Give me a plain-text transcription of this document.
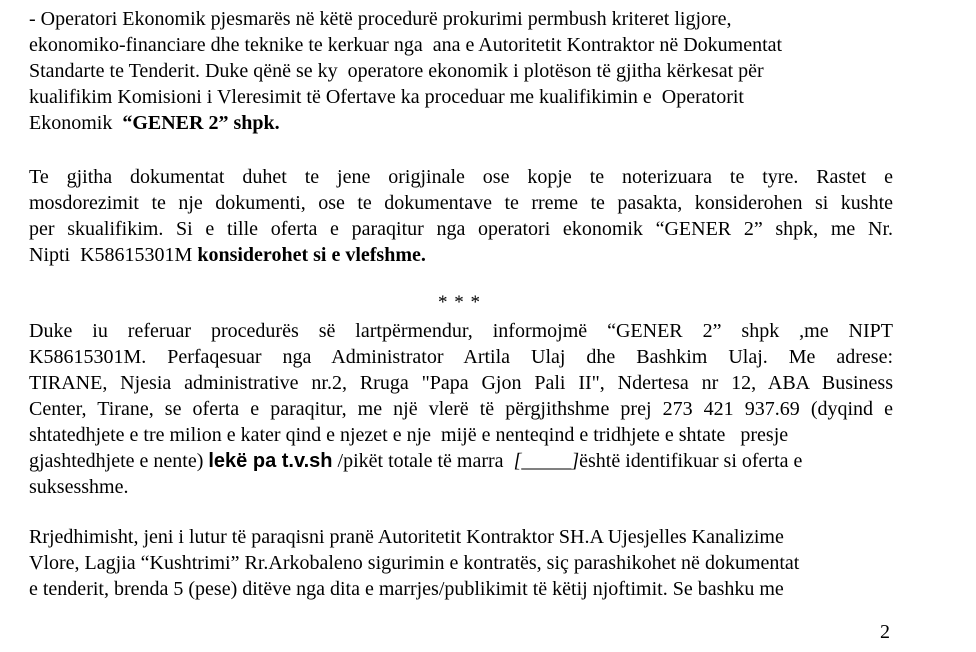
- Operatori Ekonomik pjesmarës në këtë procedurë prokurimi permbush kriteret ligjore,
ekonomiko-financiare dhe teknike te kerkuar nga  ana e Autoritetit Kontraktor në Dokumentat
Standarte te Tenderit. Duke qënë se ky  operatore ekonomik i plotëson të gjitha kërkesat për
kualifikim Komisioni i Vleresimit të Ofertave ka proceduar me kualifikimin e  Operatorit
Ekonomik  “GENER 2” shpk.
Te gjitha dokumentat duhet te jene origjinale ose kopje te noterizuara te tyre. Rastet e
mosdorezimit te nje dokumenti, ose te dokumentave te rreme te pasakta, konsiderohen si kushte
per skualifikim. Si e tille oferta e paraqitur nga operatori ekonomik “GENER 2” shpk, me Nr.
Nipti  K58615301M konsiderohet si e vlefshme.
* * *
Duke iu referuar procedurës së lartpërmendur, informojmë “GENER 2” shpk ,me NIPT
K58615301M. Perfaqesuar nga Administrator Artila Ulaj dhe Bashkim Ulaj. Me adrese:
TIRANE, Njesia administrative nr.2, Rruga "Papa Gjon Pali II", Ndertesa nr 12, ABA Business
Center, Tirane, se oferta e paraqitur, me një vlerë të përgjithshme prej 273 421 937.69 (dyqind e
shtatedhjete e tre milion e kater qind e njezet e nje  mijë e nenteqind e tridhjete e shtate   presje
gjashtedhjete e nente) lekë pa t.v.sh /pikët totale të marra  [_____]është identifikuar si oferta e
suksesshme.
Rrjedhimisht, jeni i lutur të paraqisni pranë Autoritetit Kontraktor SH.A Ujesjelles Kanalizime
Vlore, Lagjia “Kushtrimi” Rr.Arkobaleno sigurimin e kontratës, siç parashikohet në dokumentat
e tenderit, brenda 5 (pese) ditëve nga dita e marrjes/publikimit të këtij njoftimit. Se bashku me
2
